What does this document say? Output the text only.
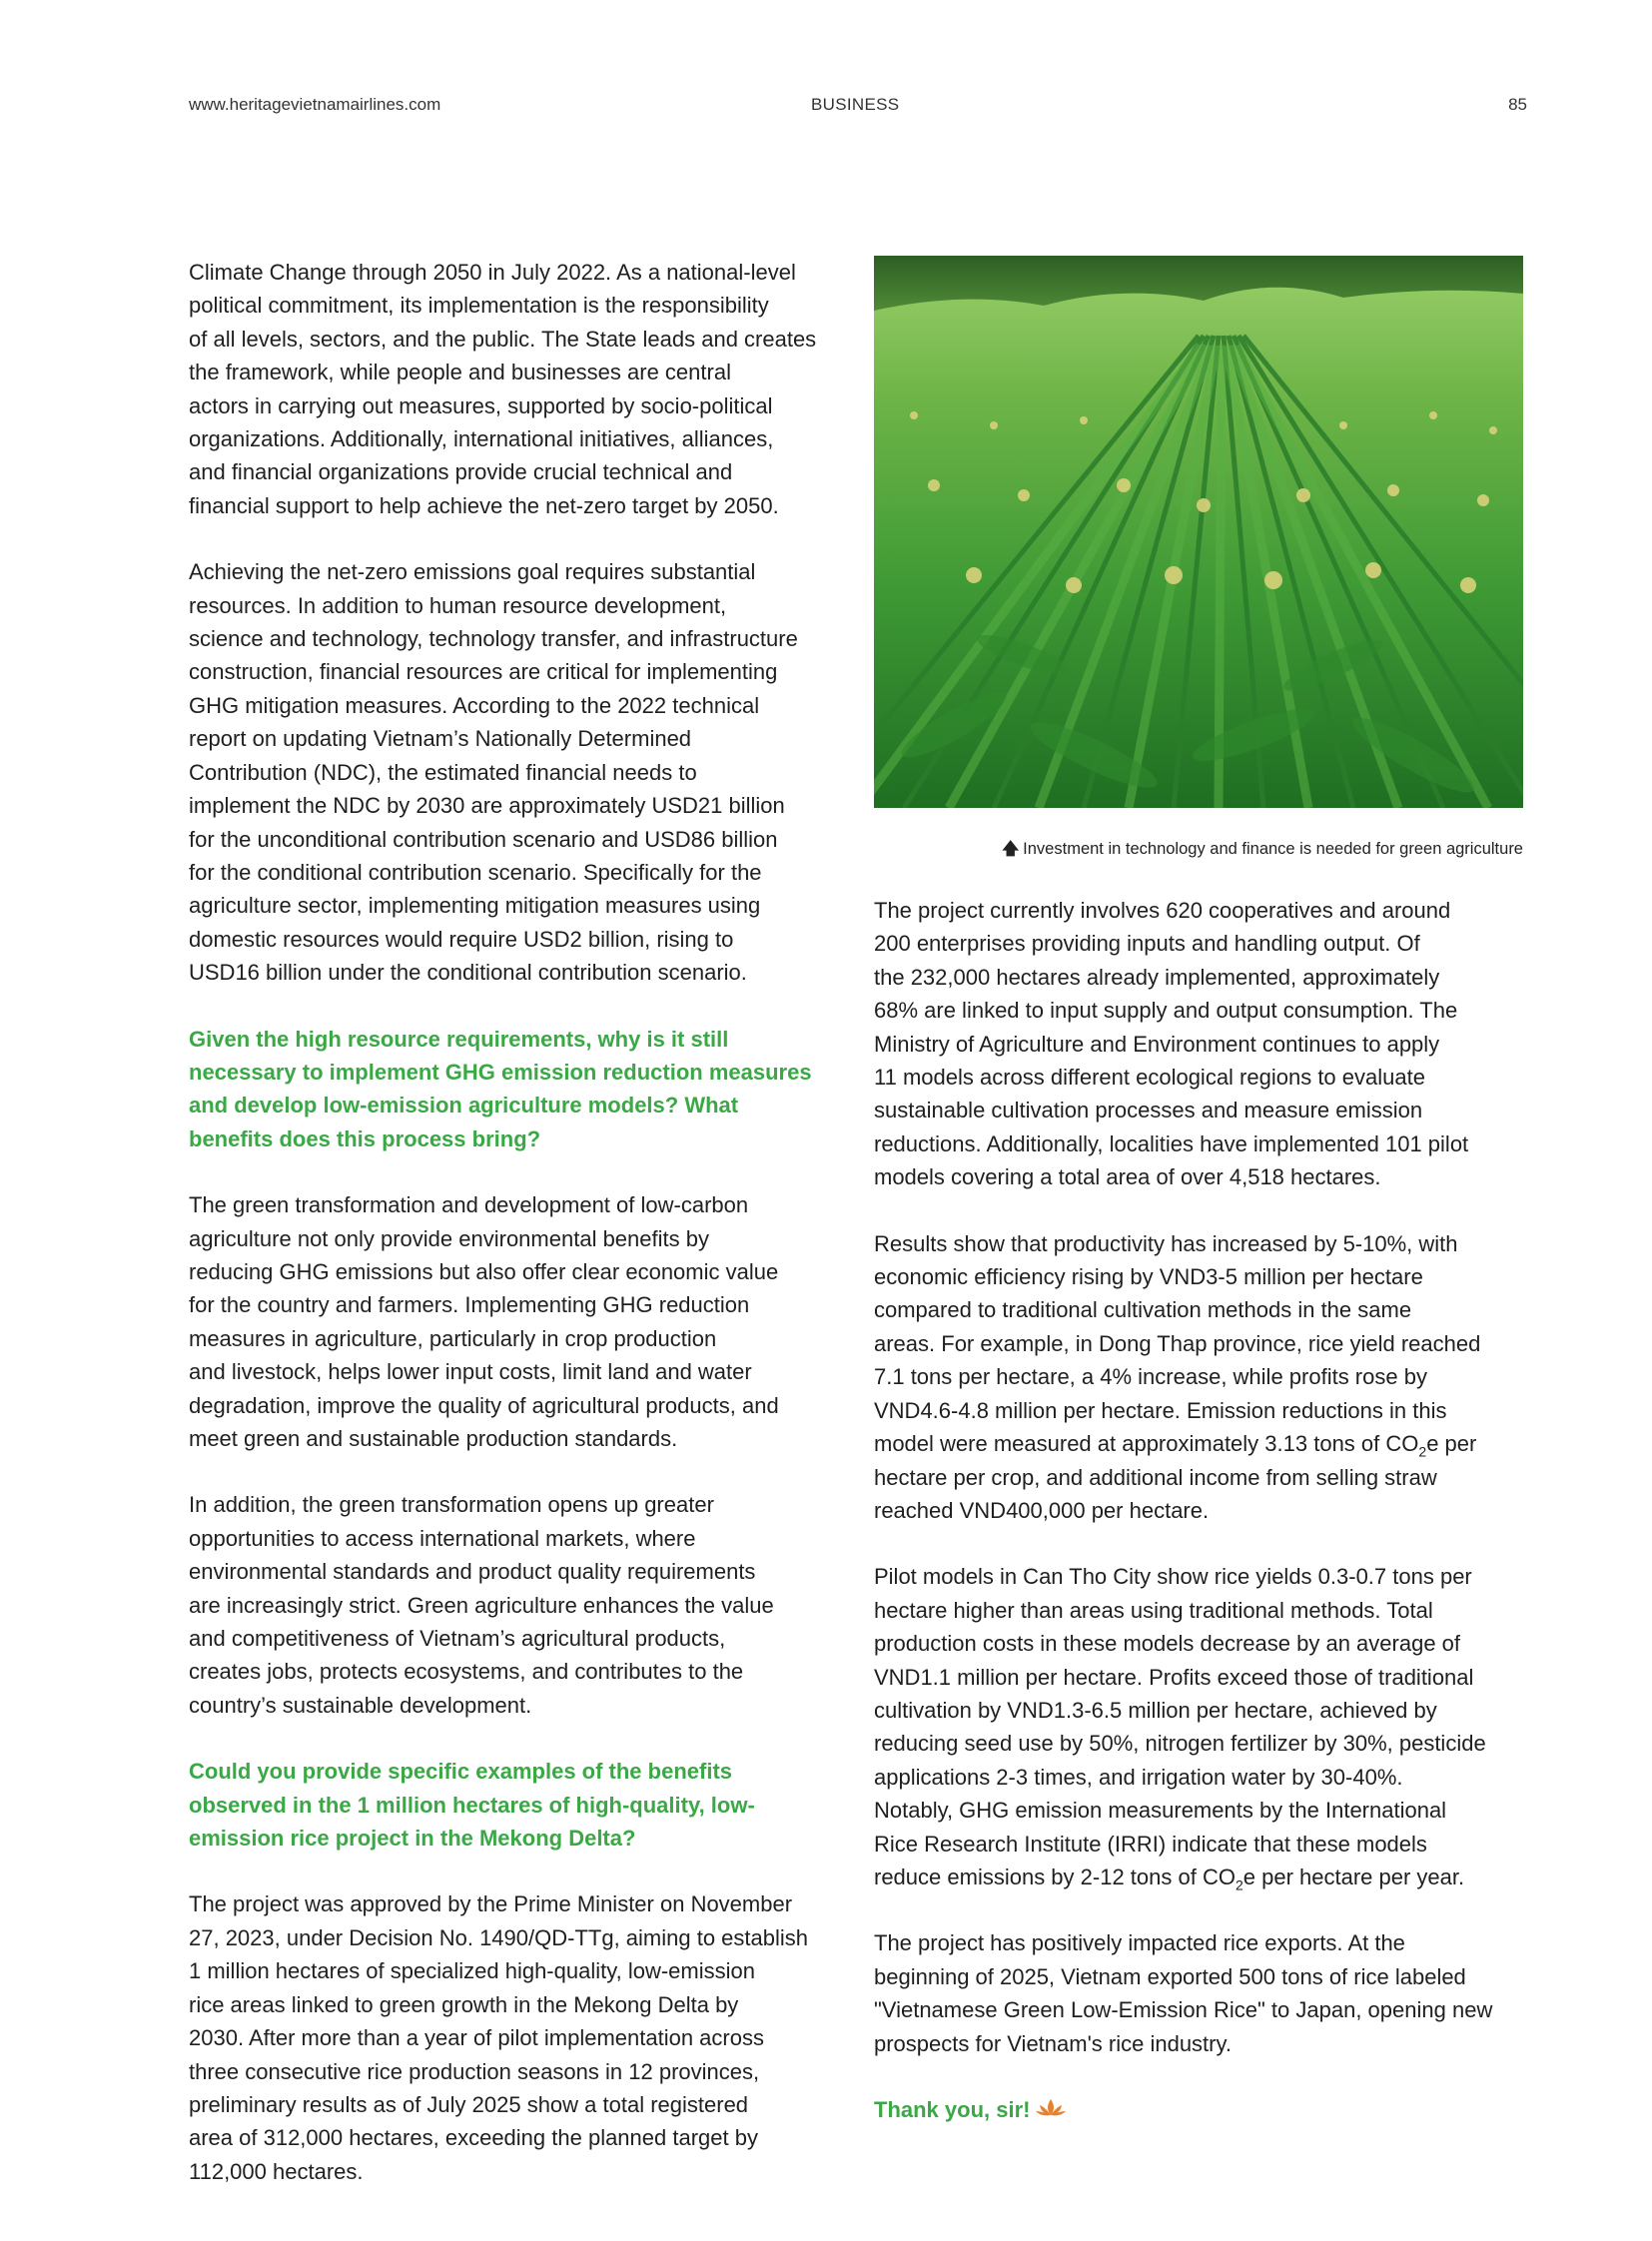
www.heritagevietnamairlines.com	BUSINESS	85

Climate Change through 2050 in July 2022. As a national-level
political commitment, its implementation is the responsibility
of all levels, sectors, and the public. The State leads and creates
the framework, while people and businesses are central
actors in carrying out measures, supported by socio-political
organizations. Additionally, international initiatives, alliances,
and financial organizations provide crucial technical and
financial support to help achieve the net-zero target by 2050.

Achieving the net-zero emissions goal requires substantial
resources. In addition to human resource development,
science and technology, technology transfer, and infrastructure
construction, financial resources are critical for implementing
GHG mitigation measures. According to the 2022 technical
report on updating Vietnam’s Nationally Determined
Contribution (NDC), the estimated financial needs to
implement the NDC by 2030 are approximately USD21 billion
for the unconditional contribution scenario and USD86 billion
for the conditional contribution scenario. Specifically for the
agriculture sector, implementing mitigation measures using
domestic resources would require USD2 billion, rising to
USD16 billion under the conditional contribution scenario.

Given the high resource requirements, why is it still
necessary to implement GHG emission reduction measures
and develop low-emission agriculture models? What
benefits does this process bring?

The green transformation and development of low-carbon
agriculture not only provide environmental benefits by
reducing GHG emissions but also offer clear economic value
for the country and farmers. Implementing GHG reduction
measures in agriculture, particularly in crop production
and livestock, helps lower input costs, limit land and water
degradation, improve the quality of agricultural products, and
meet green and sustainable production standards.

In addition, the green transformation opens up greater
opportunities to access international markets, where
environmental standards and product quality requirements
are increasingly strict. Green agriculture enhances the value
and competitiveness of Vietnam’s agricultural products,
creates jobs, protects ecosystems, and contributes to the
country’s sustainable development.

Could you provide specific examples of the benefits
observed in the 1 million hectares of high-quality, low-
emission rice project in the Mekong Delta?

The project was approved by the Prime Minister on November
27, 2023, under Decision No. 1490/QD-TTg, aiming to establish
1 million hectares of specialized high-quality, low-emission
rice areas linked to green growth in the Mekong Delta by
2030. After more than a year of pilot implementation across
three consecutive rice production seasons in 12 provinces,
preliminary results as of July 2025 show a total registered
area of 312,000 hectares, exceeding the planned target by
112,000 hectares.

🡅 Investment in technology and finance is needed for green agriculture

The project currently involves 620 cooperatives and around
200 enterprises providing inputs and handling output. Of
the 232,000 hectares already implemented, approximately
68% are linked to input supply and output consumption. The
Ministry of Agriculture and Environment continues to apply
11 models across different ecological regions to evaluate
sustainable cultivation processes and measure emission
reductions. Additionally, localities have implemented 101 pilot
models covering a total area of over 4,518 hectares.

Results show that productivity has increased by 5-10%, with
economic efficiency rising by VND3-5 million per hectare
compared to traditional cultivation methods in the same
areas. For example, in Dong Thap province, rice yield reached
7.1 tons per hectare, a 4% increase, while profits rose by
VND4.6-4.8 million per hectare. Emission reductions in this
model were measured at approximately 3.13 tons of $CO_2e$ per
hectare per crop, and additional income from selling straw
reached VND400,000 per hectare.

Pilot models in Can Tho City show rice yields 0.3-0.7 tons per
hectare higher than areas using traditional methods. Total
production costs in these models decrease by an average of
VND1.1 million per hectare. Profits exceed those of traditional
cultivation by VND1.3-6.5 million per hectare, achieved by
reducing seed use by 50%, nitrogen fertilizer by 30%, pesticide
applications 2-3 times, and irrigation water by 30-40%.
Notably, GHG emission measurements by the International
Rice Research Institute (IRRI) indicate that these models
reduce emissions by 2-12 tons of $CO_2e$ per hectare per year.

The project has positively impacted rice exports. At the
beginning of 2025, Vietnam exported 500 tons of rice labeled
"Vietnamese Green Low-Emission Rice" to Japan, opening new
prospects for Vietnam's rice industry.

Thank you, sir!
